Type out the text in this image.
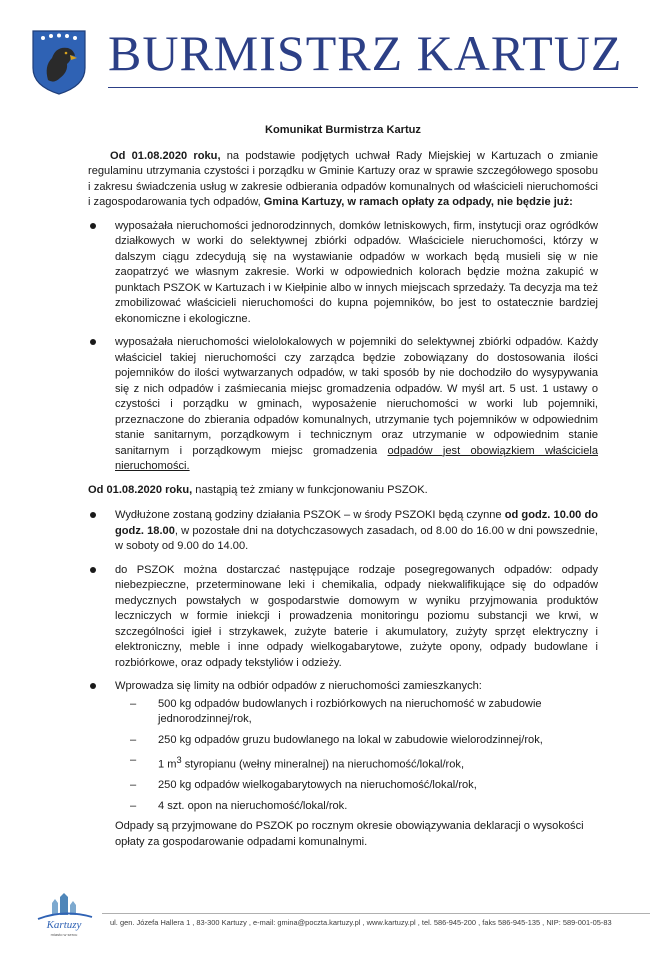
BURMISTRZ KARTUZ

Komunikat Burmistrza Kartuz

Od 01.08.2020 roku, na podstawie podjętych uchwał Rady Miejskiej w Kartuzach o zmianie regulaminu utrzymania czystości i porządku w Gminie Kartuzy oraz w sprawie szczegółowego sposobu i zakresu świadczenia usług w zakresie odbierania odpadów komunalnych od właścicieli nieruchomości i zagospodarowania tych odpadów, Gmina Kartuzy, w ramach opłaty za odpady, nie będzie już:

wyposażała nieruchomości jednorodzinnych, domków letniskowych, firm, instytucji oraz ogródków działkowych w worki do selektywnej zbiórki odpadów. Właściciele nieruchomości, którzy w dalszym ciągu zdecydują się na wystawianie odpadów w workach będą musieli się w nie zaopatrzyć we własnym zakresie. Worki w odpowiednich kolorach będzie można zakupić w punktach PSZOK w Kartuzach i w Kiełpinie albo w innych miejscach sprzedaży. Ta decyzja ma też zmobilizować właścicieli nieruchomości do kupna pojemników, bo jest to ostatecznie bardziej ekonomiczne i ekologiczne.
wyposażała nieruchomości wielolokalowych w pojemniki do selektywnej zbiórki odpadów. Każdy właściciel takiej nieruchomości czy zarządca będzie zobowiązany do dostosowania ilości pojemników do ilości wytwarzanych odpadów, w taki sposób by nie dochodziło do wysypywania się z nich odpadów i zaśmiecania miejsc gromadzenia odpadów. W myśl art. 5 ust. 1 ustawy o czystości i porządku w gminach, wyposażenie nieruchomości w worki lub pojemniki, przeznaczone do zbierania odpadów komunalnych, utrzymanie tych pojemników w odpowiednim stanie sanitarnym, porządkowym i technicznym oraz utrzymanie w odpowiednim stanie sanitarnym i porządkowym miejsc gromadzenia odpadów jest obowiązkiem właściciela nieruchomości.

Od 01.08.2020 roku, nastąpią też zmiany w funkcjonowaniu PSZOK.

Wydłużone zostaną godziny działania PSZOK – w środy PSZOKI będą czynne od godz. 10.00 do godz. 18.00, w pozostałe dni na dotychczasowych zasadach, od 8.00 do 16.00 w dni powszednie, w soboty od 9.00 do 14.00.
do PSZOK można dostarczać następujące rodzaje posegregowanych odpadów: odpady niebezpieczne, przeterminowane leki i chemikalia, odpady niekwalifikujące się do odpadów medycznych powstałych w gospodarstwie domowym w wyniku przyjmowania produktów leczniczych w formie iniekcji i prowadzenia monitoringu poziomu substancji we krwi, w szczególności igieł i strzykawek, zużyte baterie i akumulatory, zużyty sprzęt elektryczny i elektroniczny, meble i inne odpady wielkogabarytowe, zużyte opony, odpady budowlane i rozbiórkowe, oraz odpady tekstyliów i odzieży.
Wprowadza się limity na odbiór odpadów z nieruchomości zamieszkanych:
– 500 kg odpadów budowlanych i rozbiórkowych na nieruchomość w zabudowie jednorodzinnej/rok,
– 250 kg odpadów gruzu budowlanego na lokal w zabudowie wielorodzinnej/rok,
– 1 $m^3$ styropianu (wełny mineralnej) na nieruchomość/lokal/rok,
– 250 kg odpadów wielkogabarytowych na nieruchomość/lokal/rok,
– 4 szt. opon na nieruchomość/lokal/rok.
Odpady są przyjmowane do PSZOK po rocznym okresie obowiązywania deklaracji o wysokości opłaty za gospodarowanie odpadami komunalnymi.
Kartuzy
miasto w sercu
ul. gen. Józefa Hallera 1 , 83-300 Kartuzy , e-mail: gmina@poczta.kartuzy.pl , www.kartuzy.pl , tel. 586-945-200 , faks 586-945-135 , NIP: 589-001-05-83
